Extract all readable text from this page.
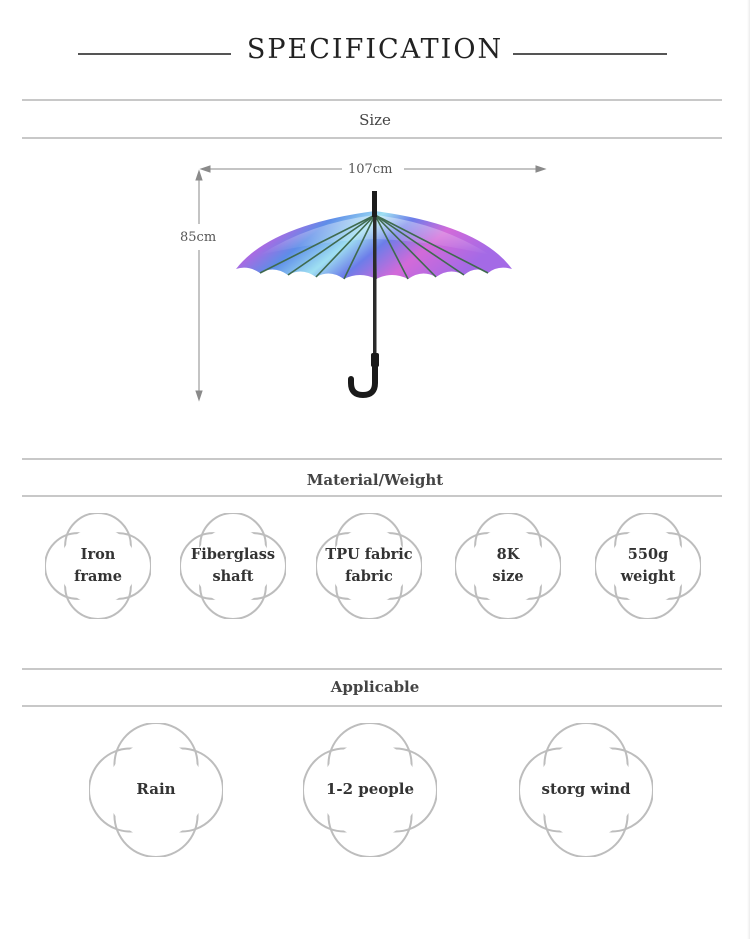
SPECIFICATION
Size
107cm
85cm
Material/Weight
Iron
frame
Fiberglass
shaft
TPU fabric
fabric
8K
size
550g
weight
Applicable
Rain	1-2 people	storg wind
